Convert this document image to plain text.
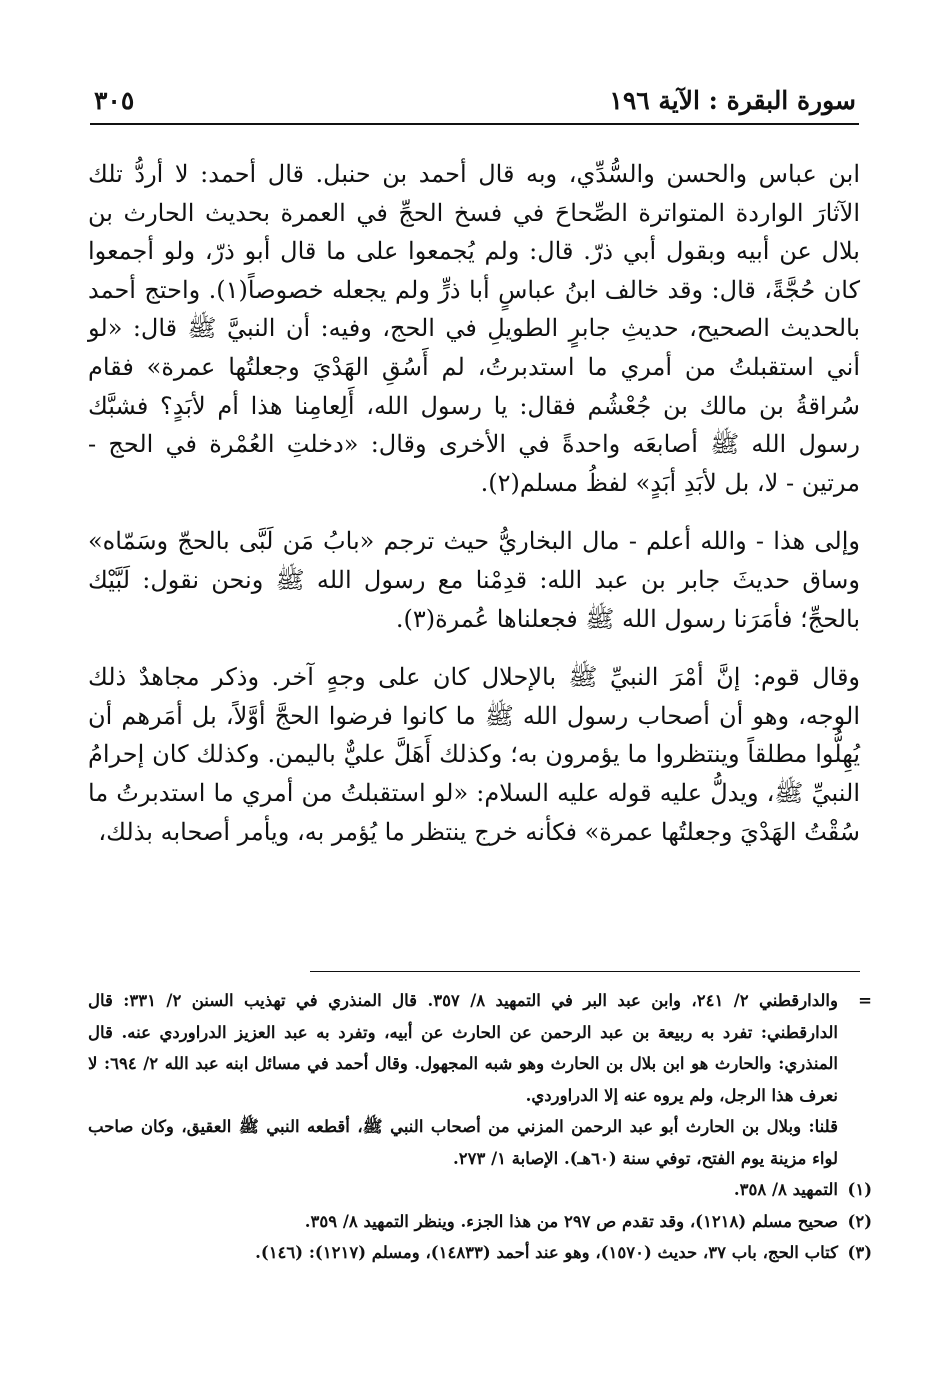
سورة البقرة : الآية ١٩٦
٣٠٥

ابن عباس والحسن والسُّدِّي، وبه قال أحمد بن حنبل. قال أحمد: لا أردُّ تلك الآثارَ الواردة المتواترة الصِّحاحَ في فسخ الحجِّ في العمرة بحديث الحارث بن بلال عن أبيه وبقول أبي ذرّ. قال: ولم يُجمعوا على ما قال أبو ذرّ، ولو أجمعوا كان حُجَّةً، قال: وقد خالف ابنُ عباسٍ أبا ذرٍّ ولم يجعله خصوصاً(١). واحتج أحمد بالحديث الصحيح، حديثِ جابرٍ الطويلِ في الحج، وفيه: أن النبيَّ ﷺ قال: «لو أني استقبلتُ من أمري ما استدبرتُ، لم أَسُقِ الهَدْيَ وجعلتُها عمرة» فقام سُراقةُ بن مالك بن جُعْشُم فقال: يا رسول الله، أَلِعامِنا هذا أم لأبَدٍ؟ فشبَّك رسول الله ﷺ أصابعَه واحدةً في الأخرى وقال: «دخلتِ العُمْرة في الحج - مرتين - لا، بل لأبَدِ أبَدٍ» لفظُ مسلم(٢).

وإلى هذا - والله أعلم - مال البخاريُّ حيث ترجم «بابُ مَن لَبَّى بالحجّ وسَمّاه» وساق حديثَ جابر بن عبد الله: قدِمْنا مع رسول الله ﷺ ونحن نقول: لَبَّيْك بالحجِّ؛ فأمَرَنا رسول الله ﷺ فجعلناها عُمرة(٣).

وقال قوم: إنَّ أمْرَ النبيِّ ﷺ بالإحلال كان على وجهٍ آخر. وذكر مجاهدٌ ذلك الوجه، وهو أن أصحاب رسول الله ﷺ ما كانوا فرضوا الحجَّ أوَّلاً، بل أمَرهم أن يُهِلُّوا مطلقاً وينتظروا ما يؤمرون به؛ وكذلك أَهَلَّ عليٌّ باليمن. وكذلك كان إحرامُ النبيِّ ﷺ، ويدلُّ عليه قوله عليه السلام: «لو استقبلتُ من أمري ما استدبرتُ ما سُقْتُ الهَدْيَ وجعلتُها عمرة» فكأنه خرج ينتظر ما يُؤمر به، ويأمر أصحابه بذلك،

=
والدارقطني ٢/ ٢٤١، وابن عبد البر في التمهيد ٨/ ٣٥٧. قال المنذري في تهذيب السنن ٢/ ٣٣١: قال الدارقطني: تفرد به ربيعة بن عبد الرحمن عن الحارث عن أبيه، وتفرد به عبد العزيز الدراوردي عنه. قال المنذري: والحارث هو ابن بلال بن الحارث وهو شبه المجهول. وقال أحمد في مسائل ابنه عبد الله ٢/ ٦٩٤: لا نعرف هذا الرجل، ولم يروه عنه إلا الدراوردي.
قلنا: وبلال بن الحارث أبو عبد الرحمن المزني من أصحاب النبي ﷺ، أقطعه النبي ﷺ العقيق، وكان صاحب لواء مزينة يوم الفتح، توفي سنة (٦٠هـ). الإصابة ١/ ٢٧٣.
(١)
التمهيد ٨/ ٣٥٨.
(٢)
صحيح مسلم (١٢١٨)، وقد تقدم ص ٢٩٧ من هذا الجزء. وينظر التمهيد ٨/ ٣٥٩.
(٣)
كتاب الحج، باب ٣٧، حديث (١٥٧٠)، وهو عند أحمد (١٤٨٣٣)، ومسلم (١٢١٧): (١٤٦).
